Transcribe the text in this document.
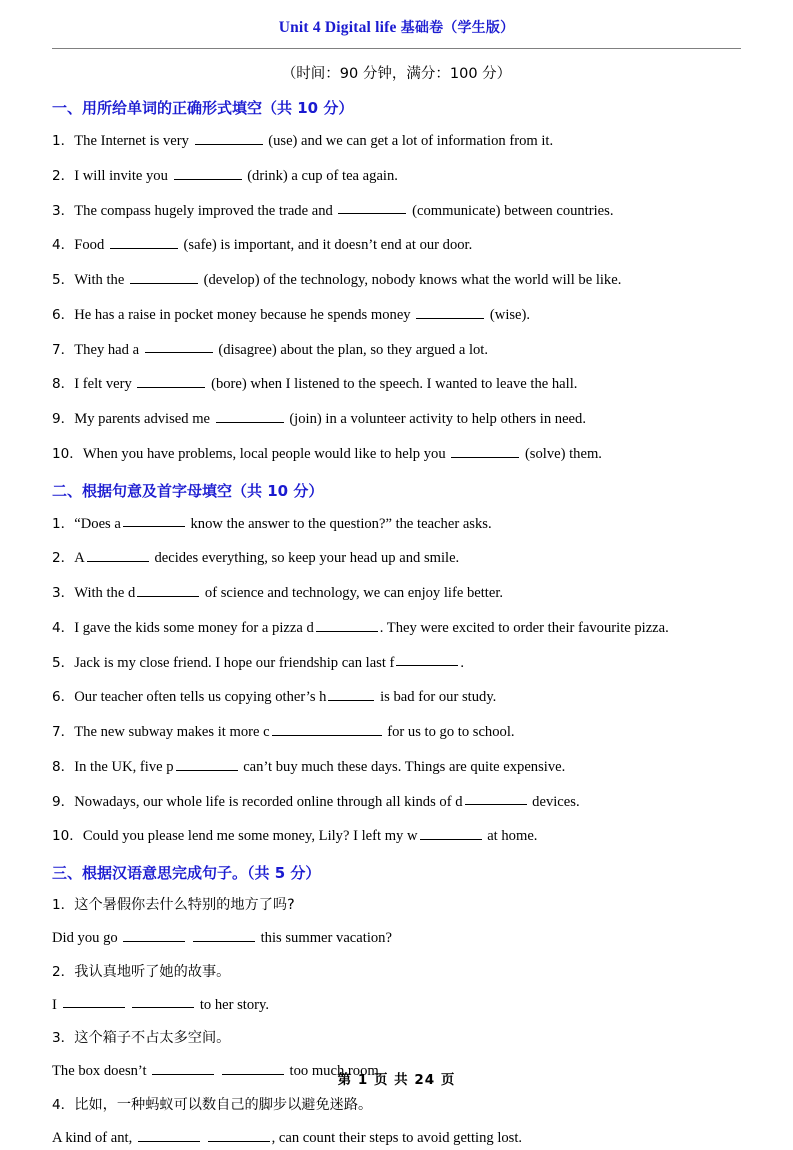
Unit 4 Digital life 基础卷（学生版）
（时间：90 分钟，满分：100 分）
一、用所给单词的正确形式填空（共 10 分）
1．The Internet is very	(use) and we can get a lot of information from it.
2．I will invite you	(drink) a cup of tea again.
3．The compass hugely improved the trade and	(communicate) between countries.
4．Food	(safe) is important, and it doesn’t end at our door.
5．With the	(develop) of the technology, nobody knows what the world will be like.
6．He has a raise in pocket money because he spends money	(wise).
7．They had a	(disagree) about the plan, so they argued a lot.
8．I felt very	(bore) when I listened to the speech. I wanted to leave the hall.
9．My parents advised me	(join) in a volunteer activity to help others in need.
10．When you have problems, local people would like to help you	(solve) them.
二、根据句意及首字母填空（共 10 分）
1．“Does a	know the answer to the question?” the teacher asks.
2．A	decides everything, so keep your head up and smile.
3．With the d	of science and technology, we can enjoy life better.
4．I gave the kids some money for a pizza d	. They were excited to order their favourite pizza.
5．Jack is my close friend. I hope our friendship can last f	.
6．Our teacher often tells us copying other’s h	is bad for our study.
7．The new subway makes it more c	for us to go to school.
8．In the UK, five p	can’t buy much these days. Things are quite expensive.
9．Nowadays, our whole life is recorded online through all kinds of d	devices.
10．Could you please lend me some money, Lily? I left my w	at home.
三、根据汉语意思完成句子。（共 5 分）
1．这个暑假你去什么特别的地方了吗?
Did you go	this summer vacation?
2．我认真地听了她的故事。
I	to her story.
3．这个箱子不占太多空间。
The box doesn’t	too much room.
4．比如，一种蚂蚁可以数自己的脚步以避免迷路。
A kind of ant,	, can count their steps to avoid getting lost.
第 1 页 共 24 页
